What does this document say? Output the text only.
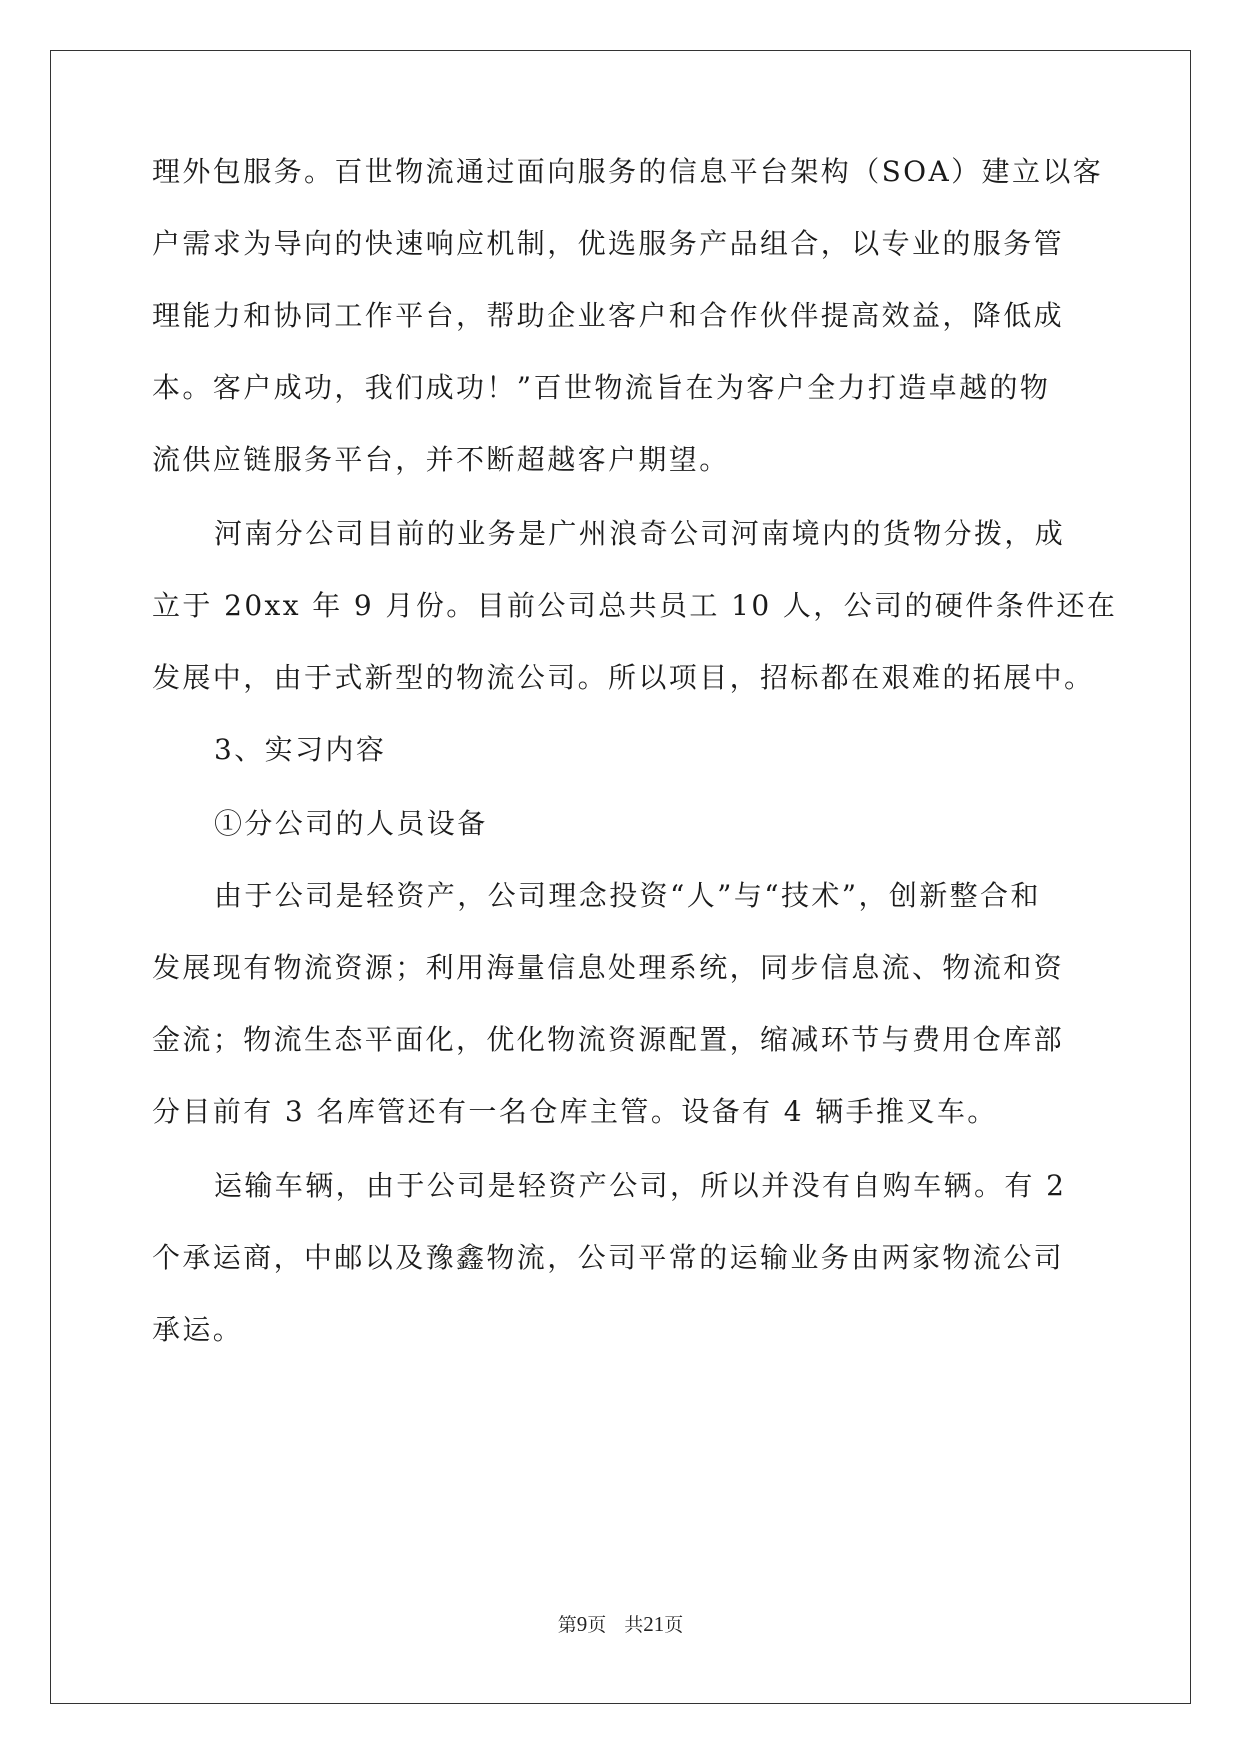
理外包服务。百世物流通过面向服务的信息平台架构（SOA）建立以客
户需求为导向的快速响应机制，优选服务产品组合，以专业的服务管
理能力和协同工作平台，帮助企业客户和合作伙伴提高效益，降低成
本。客户成功，我们成功！”百世物流旨在为客户全力打造卓越的物
流供应链服务平台，并不断超越客户期望。
河南分公司目前的业务是广州浪奇公司河南境内的货物分拨，成
立于 20xx 年 9 月份。目前公司总共员工 10 人，公司的硬件条件还在
发展中，由于式新型的物流公司。所以项目，招标都在艰难的拓展中。
3、实习内容
①分公司的人员设备
由于公司是轻资产，公司理念投资“人”与“技术”，创新整合和
发展现有物流资源；利用海量信息处理系统，同步信息流、物流和资
金流；物流生态平面化，优化物流资源配置，缩减环节与费用仓库部
分目前有 3 名库管还有一名仓库主管。设备有 4 辆手推叉车。
运输车辆，由于公司是轻资产公司，所以并没有自购车辆。有 2
个承运商，中邮以及豫鑫物流，公司平常的运输业务由两家物流公司
承运。
第9页 共21页
